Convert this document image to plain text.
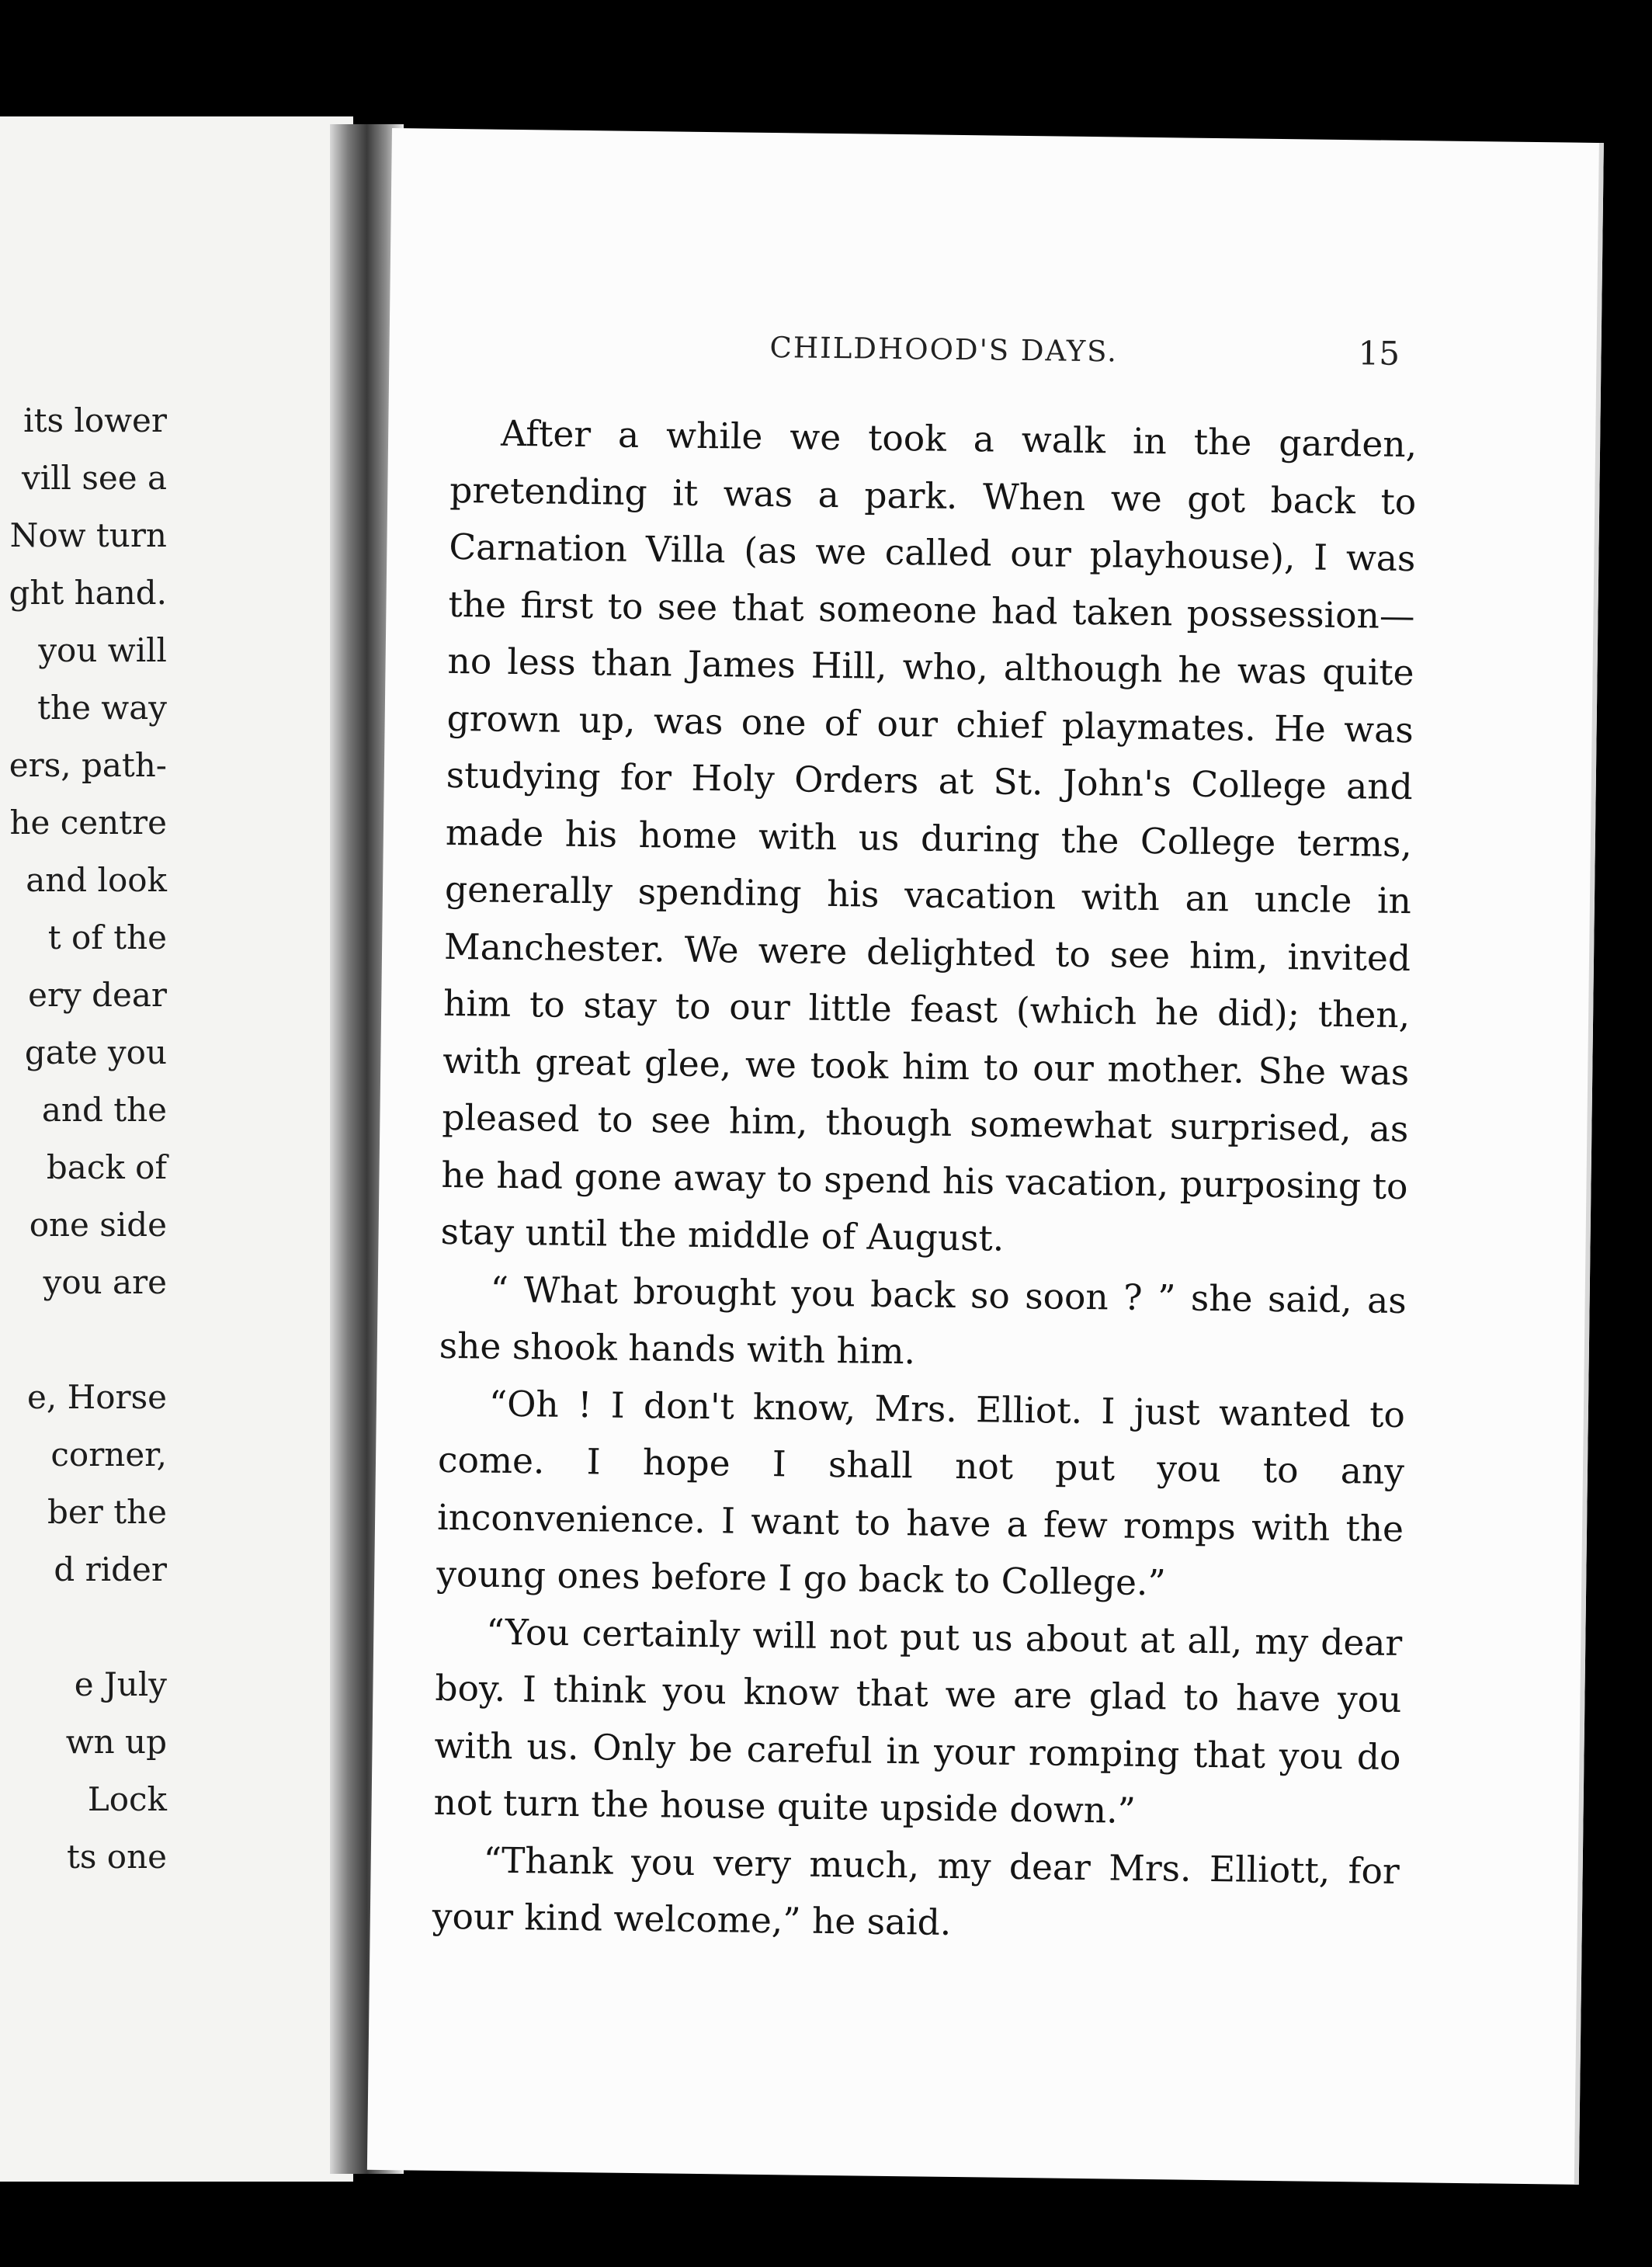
its lower
vill see a
Now turn
ght hand.
you will
the way
ers, path-
he centre
and look
t of the
ery dear
gate you
and the
back of
one side
you are
e, Horse
corner,
ber the
d rider
e July
wn up
Lock
ts one
CHILDHOOD'S DAYS.	15

After a while we took a walk in the garden, pretending it was a park. When we got back to Carnation Villa (as we called our playhouse), I was the first to see that someone had taken possession—no less than James Hill, who, although he was quite grown up, was one of our chief playmates. He was studying for Holy Orders at St. John's College and made his home with us during the College terms, generally spending his vacation with an uncle in Manchester. We were delighted to see him, invited him to stay to our little feast (which he did); then, with great glee, we took him to our mother. She was pleased to see him, though somewhat surprised, as he had gone away to spend his vacation, purposing to stay until the middle of August.

“ What brought you back so soon ? ” she said, as she shook hands with him.

“Oh ! I don't know, Mrs. Elliot. I just wanted to come. I hope I shall not put you to any inconvenience. I want to have a few romps with the young ones before I go back to College.”

“You certainly will not put us about at all, my dear boy. I think you know that we are glad to have you with us. Only be careful in your romping that you do not turn the house quite upside down.”

“Thank you very much, my dear Mrs. Elliott, for your kind welcome,” he said.
